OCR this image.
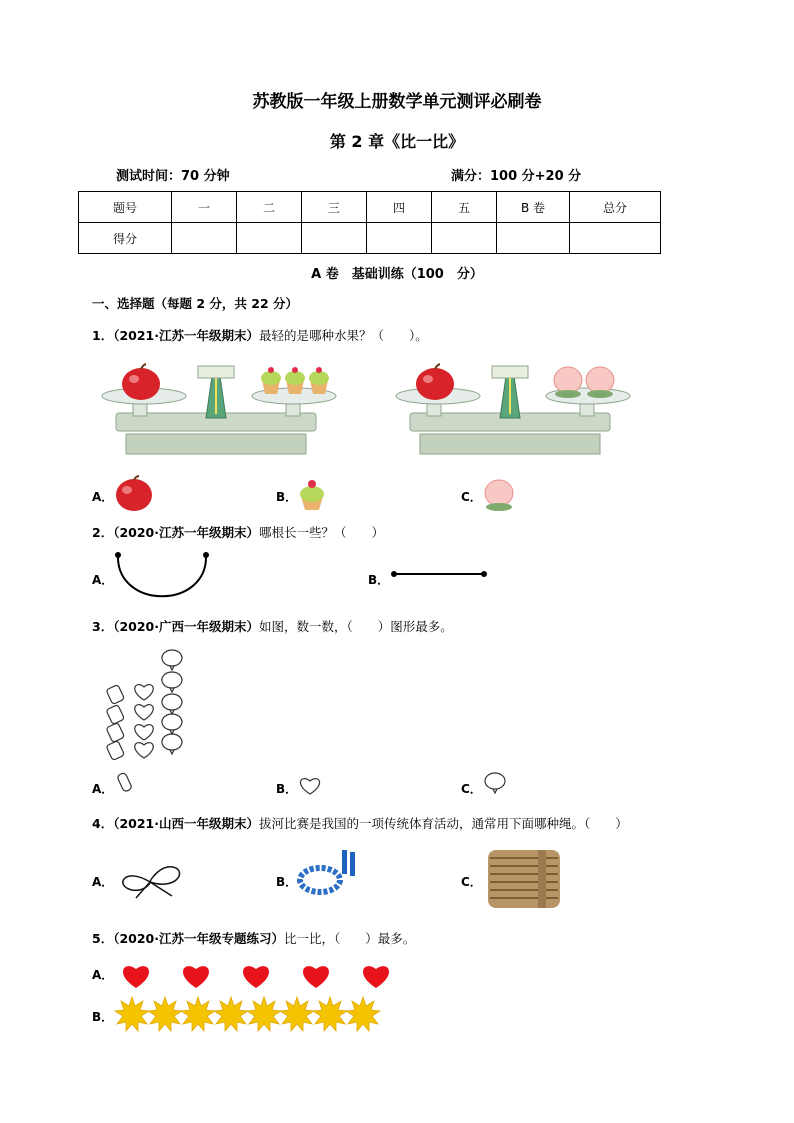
苏教版一年级上册数学单元测评必刷卷
第 2 章《比一比》
测试时间：70 分钟	满分：100 分+20 分
题号	一	二	三	四	五	B 卷	总分
得分							
A 卷　基础训练（100　分）
一、选择题（每题 2 分，共 22 分）
1．（2021·江苏一年级期末）最轻的是哪种水果？（　　）。
A．	B．	C．
2．（2020·江苏一年级期末）哪根长一些？（　　）
A．	B．
3．（2020·广西一年级期末）如图，数一数，（　　）图形最多。
A．	B．	C．
4．（2021·山西一年级期末）拔河比赛是我国的一项传统体育活动，通常用下面哪种绳。（　　）
A．	B．	C．
5．（2020·江苏一年级专题练习）比一比，（　　）最多。
A．
B．
